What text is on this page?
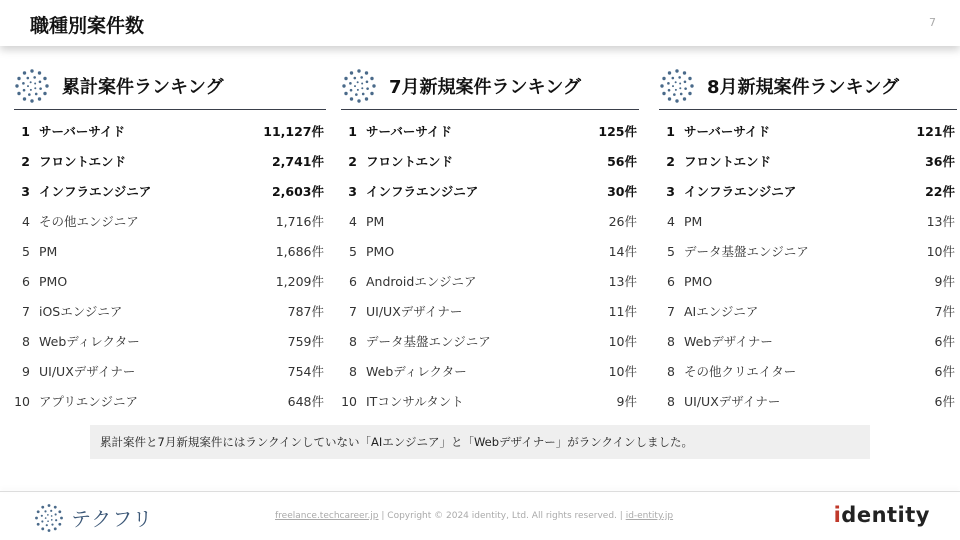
職種別案件数	7
累計案件ランキング
1 サーバーサイド	11,127件
2 フロントエンド	2,741件
3 インフラエンジニア	2,603件
4 その他エンジニア	1,716件
5 PM	1,686件
6 PMO	1,209件
7 iOSエンジニア	787件
8 Webディレクター	759件
9 UI/UXデザイナー	754件
10 アプリエンジニア	648件
7月新規案件ランキング
1 サーバーサイド	125件
2 フロントエンド	56件
3 インフラエンジニア	30件
4 PM	26件
5 PMO	14件
6 Androidエンジニア	13件
7 UI/UXデザイナー	11件
8 データ基盤エンジニア	10件
8 Webディレクター	10件
10 ITコンサルタント	9件
8月新規案件ランキング
1 サーバーサイド	121件
2 フロントエンド	36件
3 インフラエンジニア	22件
4 PM	13件
5 データ基盤エンジニア	10件
6 PMO	9件
7 AIエンジニア	7件
8 Webデザイナー	6件
8 その他クリエイター	6件
8 UI/UXデザイナー	6件
累計案件と7月新規案件にはランクインしていない「AIエンジニア」と「Webデザイナー」がランクインしました。
テクフリ	freelance.techcareer.jp | Copyright © 2024 identity, Ltd. All rights reserved. | id-entity.jp	identity
